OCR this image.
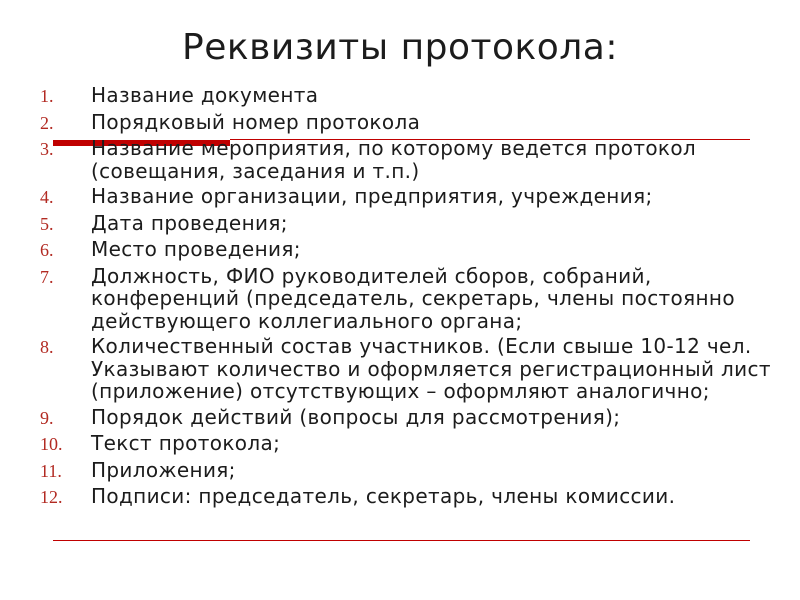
Реквизиты протокола:
1.	Название документа
2.	Порядковый номер протокола
3.	Название мероприятия, по которому ведется протокол (совещания, заседания и т.п.)
4.	Название организации, предприятия, учреждения;
5.	Дата проведения;
6.	Место проведения;
7.	Должность, ФИО руководителей сборов, собраний, конференций (председатель, секретарь, члены постоянно действующего коллегиального органа;
8.	Количественный состав участников. (Если свыше 10-12 чел. Указывают количество и оформляется регистрационный лист (приложение) отсутствующих – оформляют аналогично;
9.	Порядок действий (вопросы для рассмотрения);
10.	Текст протокола;
11.	Приложения;
12.	Подписи: председатель, секретарь, члены комиссии.
